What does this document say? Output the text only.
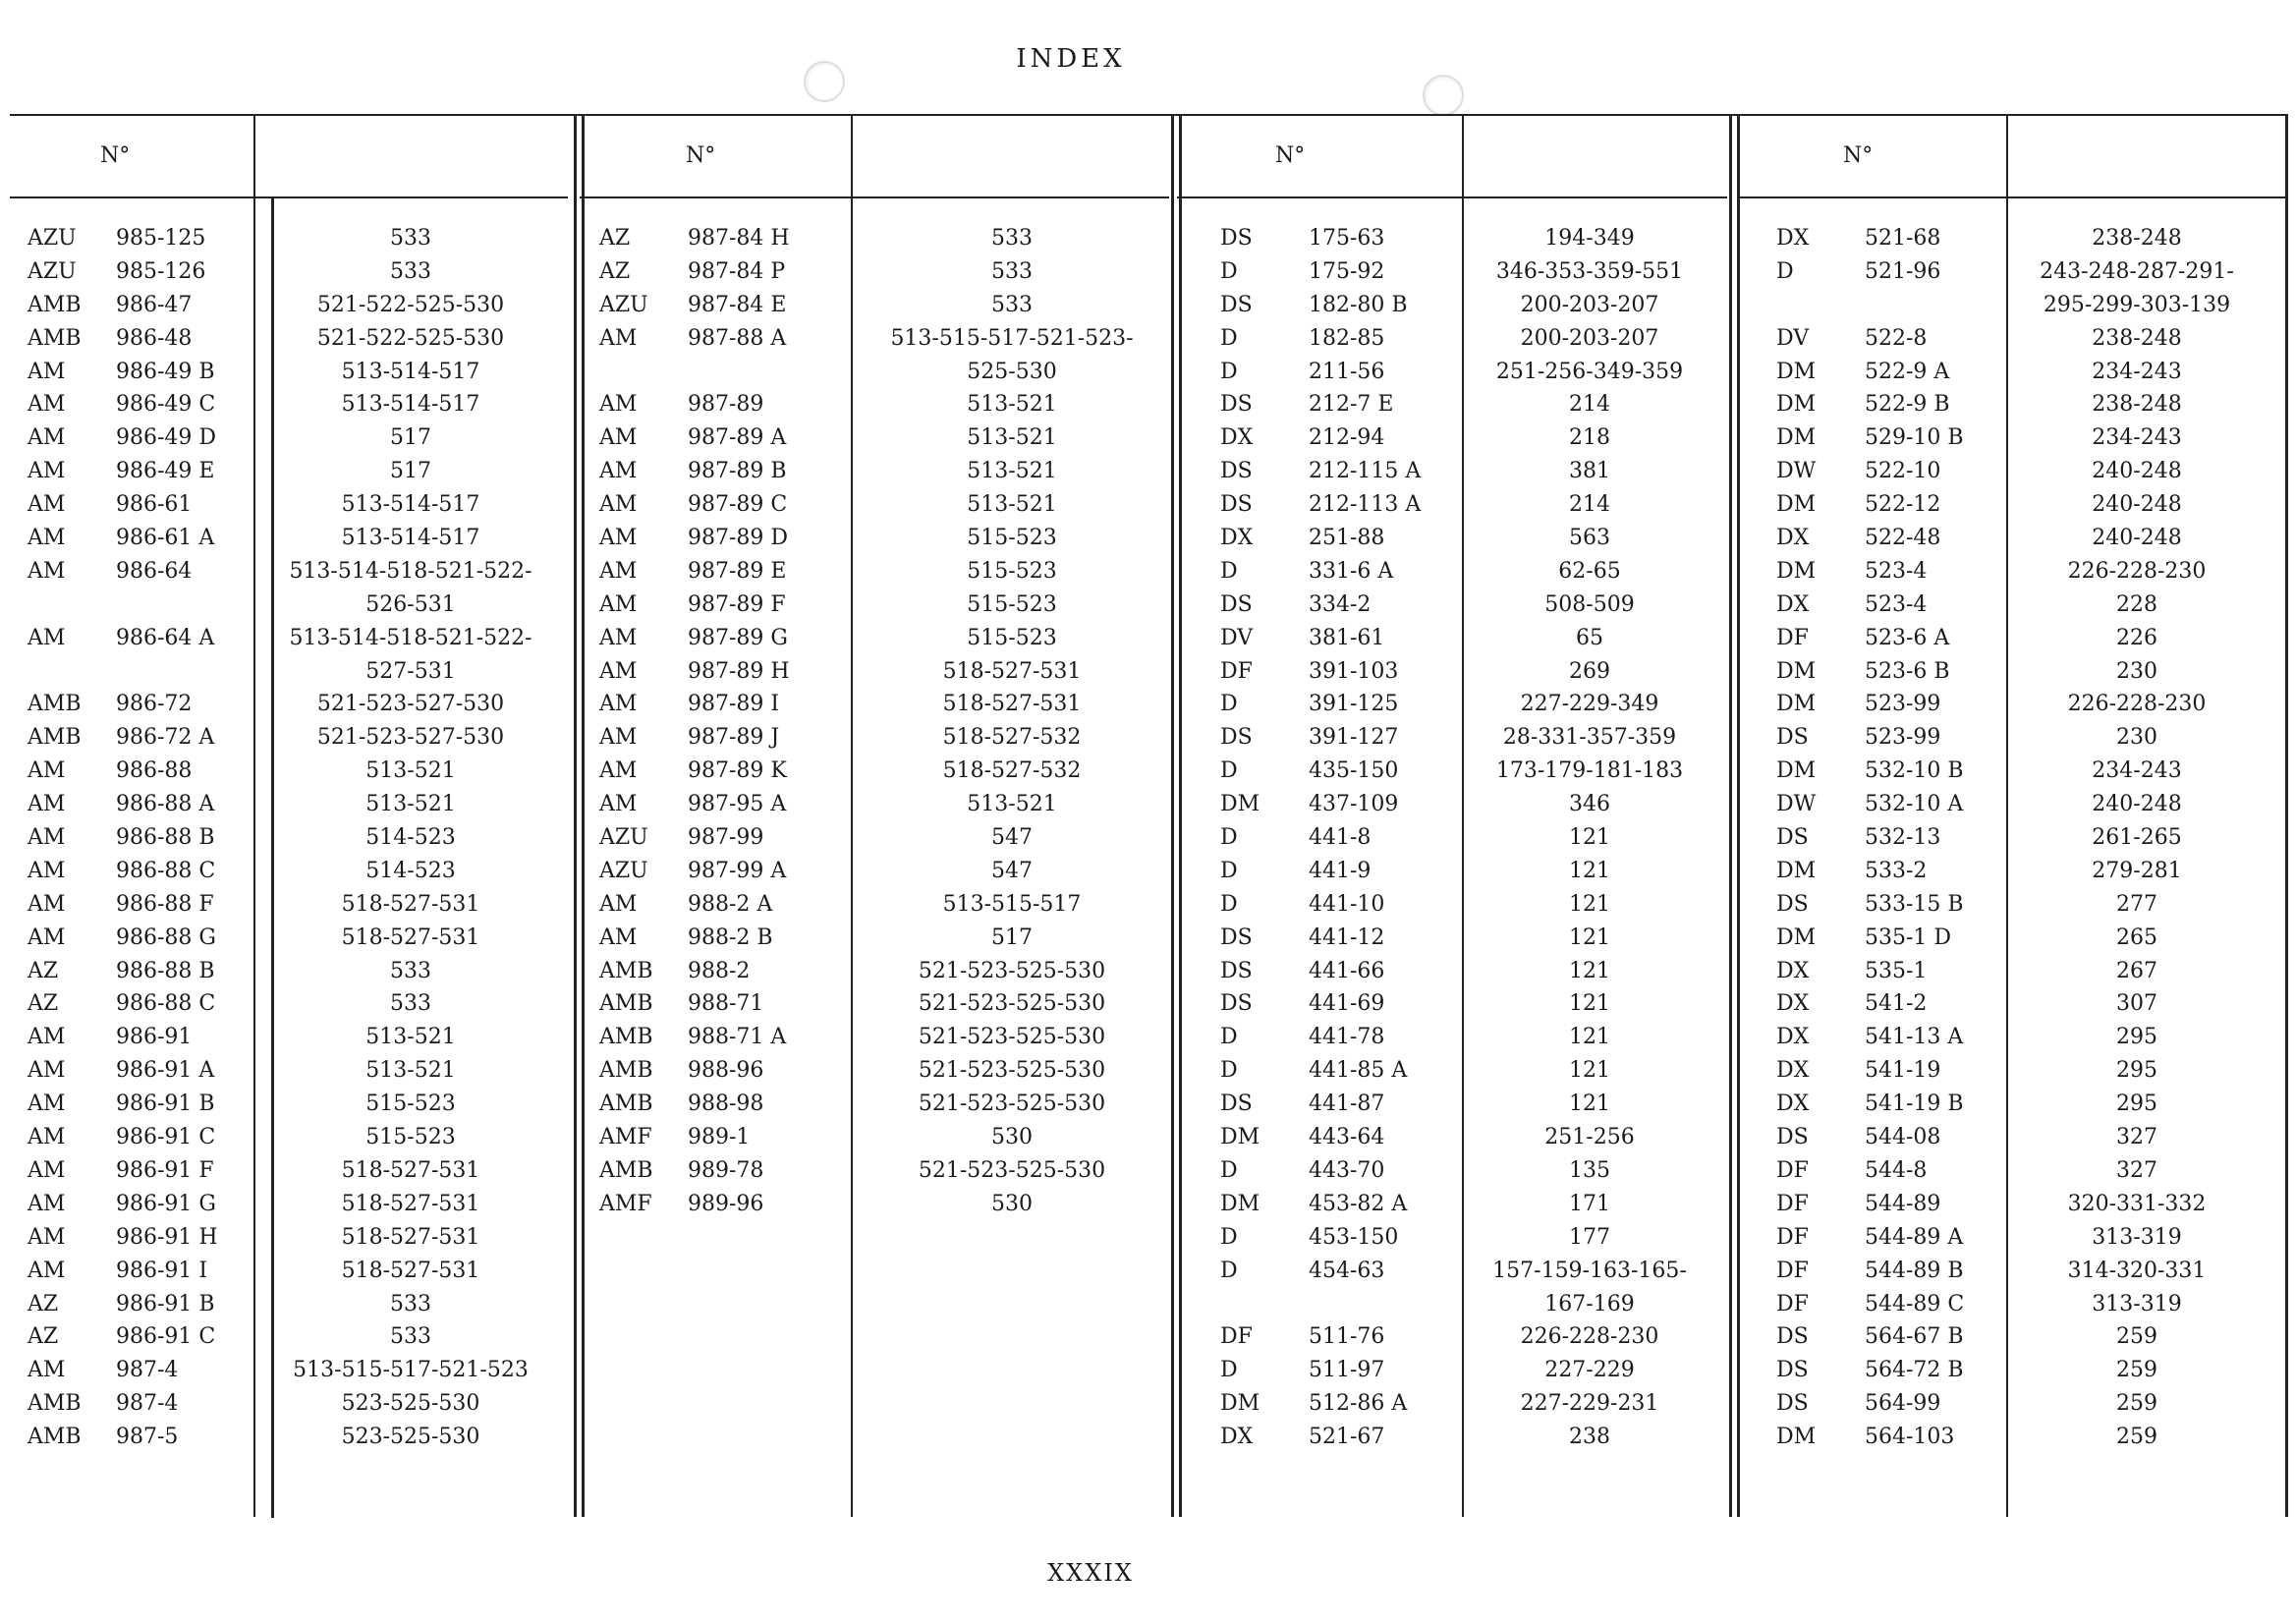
INDEX
N°
AZU 985-125	533
AZU 985-126	533
AMB 986-47	521-522-525-530
AMB 986-48	521-522-525-530
AM 986-49 B	513-514-517
AM 986-49 C	513-514-517
AM 986-49 D	517
AM 986-49 E	517
AM 986-61	513-514-517
AM 986-61 A	513-514-517
AM 986-64	513-514-518-521-522-
526-531
AM 986-64 A	513-514-518-521-522-
527-531
AMB 986-72	521-523-527-530
AMB 986-72 A	521-523-527-530
AM 986-88	513-521
AM 986-88 A	513-521
AM 986-88 B	514-523
AM 986-88 C	514-523
AM 986-88 F	518-527-531
AM 986-88 G	518-527-531
AZ	986-88 B	533
AZ	986-88 C	533
AM 986-91	513-521
AM 986-91 A	513-521
AM 986-91 B	515-523
AM 986-91 C	515-523
AM 986-91 F	518-527-531
AM 986-91 G	518-527-531
AM 986-91 H	518-527-531
AM 986-91 I	518-527-531
AZ	986-91 B	533
AZ	986-91 C	533
AM 987-4	513-515-517-521-523
AMB 987-4	523-525-530
AMB 987-5	523-525-530
N°
AZ	987-84 H	533
AZ	987-84 P	533
AZU 987-84 E	533
AM 987-88 A	513-515-517-521-523-
525-530
AM 987-89	513-521
AM 987-89 A	513-521
AM 987-89 B	513-521
AM 987-89 C	513-521
AM 987-89 D	515-523
AM 987-89 E	515-523
AM 987-89 F	515-523
AM 987-89 G	515-523
AM 987-89 H	518-527-531
AM 987-89 I	518-527-531
AM 987-89 J	518-527-532
AM 987-89 K	518-527-532
AM 987-95 A	513-521
AZU 987-99	547
AZU 987-99 A	547
AM 988-2 A	513-515-517
AM 988-2 B	517
AMB 988-2	521-523-525-530
AMB 988-71	521-523-525-530
AMB 988-71 A	521-523-525-530
AMB 988-96	521-523-525-530
AMB 988-98	521-523-525-530
AMF 989-1	530
AMB 989-78	521-523-525-530
AMF 989-96	530
N°
DS	175-63	194-349
D	175-92	346-353-359-551
DS	182-80 B	200-203-207
D	182-85	200-203-207
D	211-56	251-256-349-359
DS	212-7 E	214
DX	212-94	218
DS	212-115 A	381
DS	212-113 A	214
DX	251-88	563
D	331-6 A	62-65
DS	334-2	508-509
DV	381-61	65
DF	391-103	269
D	391-125	227-229-349
DS	391-127	28-331-357-359
D	435-150	173-179-181-183
DM 437-109	346
D	441-8	121
D	441-9	121
D	441-10	121
DS	441-12	121
DS	441-66	121
DS	441-69	121
D	441-78	121
D	441-85 A	121
DS	441-87	121
DM 443-64	251-256
D	443-70	135
DM 453-82 A	171
D	453-150	177
D	454-63	157-159-163-165-
167-169
DF	511-76	226-228-230
D	511-97	227-229
DM 512-86 A	227-229-231
DX	521-67	238
N°
DX	521-68	238-248
D	521-96	243-248-287-291-
295-299-303-139
DV	522-8	238-248
DM 522-9 A	234-243
DM 522-9 B	238-248
DM 529-10 B	234-243
DW 522-10	240-248
DM 522-12	240-248
DX	522-48	240-248
DM 523-4	226-228-230
DX	523-4	228
DF	523-6 A	226
DM 523-6 B	230
DM 523-99	226-228-230
DS	523-99	230
DM 532-10 B	234-243
DW 532-10 A	240-248
DS	532-13	261-265
DM 533-2	279-281
DS	533-15 B	277
DM 535-1 D	265
DX	535-1	267
DX	541-2	307
DX	541-13 A	295
DX	541-19	295
DX	541-19 B	295
DS	544-08	327
DF	544-8	327
DF	544-89	320-331-332
DF	544-89 A	313-319
DF	544-89 B	314-320-331
DF	544-89 C	313-319
DS	564-67 B	259
DS	564-72 B	259
DS	564-99	259
DM 564-103	259
XXXIX
